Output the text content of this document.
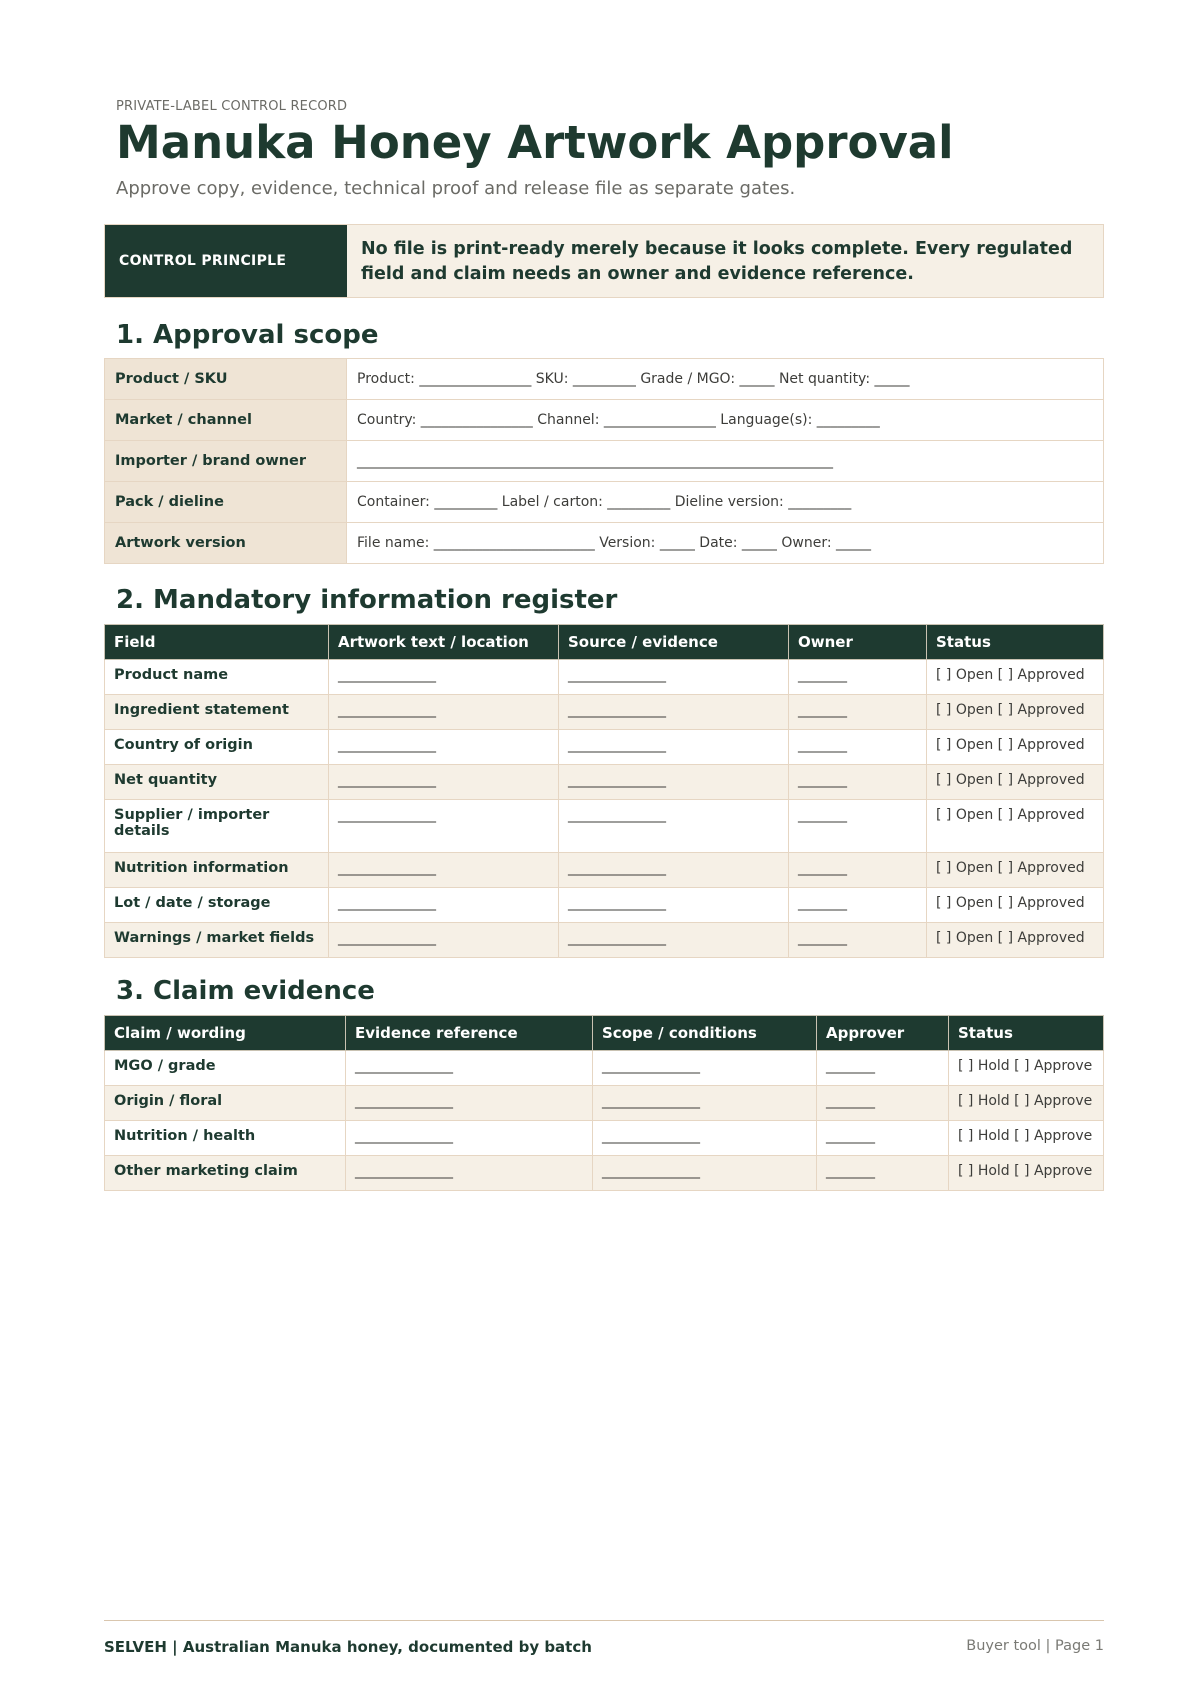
PRIVATE-LABEL CONTROL RECORD
Manuka Honey Artwork Approval
Approve copy, evidence, technical proof and release file as separate gates.
CONTROL PRINCIPLE
No file is print-ready merely because it looks complete. Every regulated field and claim needs an owner and evidence reference.
1. Approval scope
Product / SKU	Product: ________________ SKU: _________ Grade / MGO: _____ Net quantity: _____
Market / channel	Country: ________________ Channel: ________________ Language(s): _________
Importer / brand owner	____________________________________________________________________
Pack / dieline	Container: _________ Label / carton: _________ Dieline version: _________
Artwork version	File name: _______________________ Version: _____ Date: _____ Owner: _____
2. Mandatory information register
Field	Artwork text / location	Source / evidence	Owner	Status
Product name	______________	______________	_______	[ ] Open [ ] Approved
Ingredient statement	______________	______________	_______	[ ] Open [ ] Approved
Country of origin	______________	______________	_______	[ ] Open [ ] Approved
Net quantity	______________	______________	_______	[ ] Open [ ] Approved
Supplier / importer details	______________	______________	_______	[ ] Open [ ] Approved
Nutrition information	______________	______________	_______	[ ] Open [ ] Approved
Lot / date / storage	______________	______________	_______	[ ] Open [ ] Approved
Warnings / market fields	______________	______________	_______	[ ] Open [ ] Approved
3. Claim evidence
Claim / wording	Evidence reference	Scope / conditions	Approver	Status
MGO / grade	______________	______________	_______	[ ] Hold [ ] Approve
Origin / floral	______________	______________	_______	[ ] Hold [ ] Approve
Nutrition / health	______________	______________	_______	[ ] Hold [ ] Approve
Other marketing claim	______________	______________	_______	[ ] Hold [ ] Approve
SELVEH | Australian Manuka honey, documented by batch	Buyer tool | Page 1
